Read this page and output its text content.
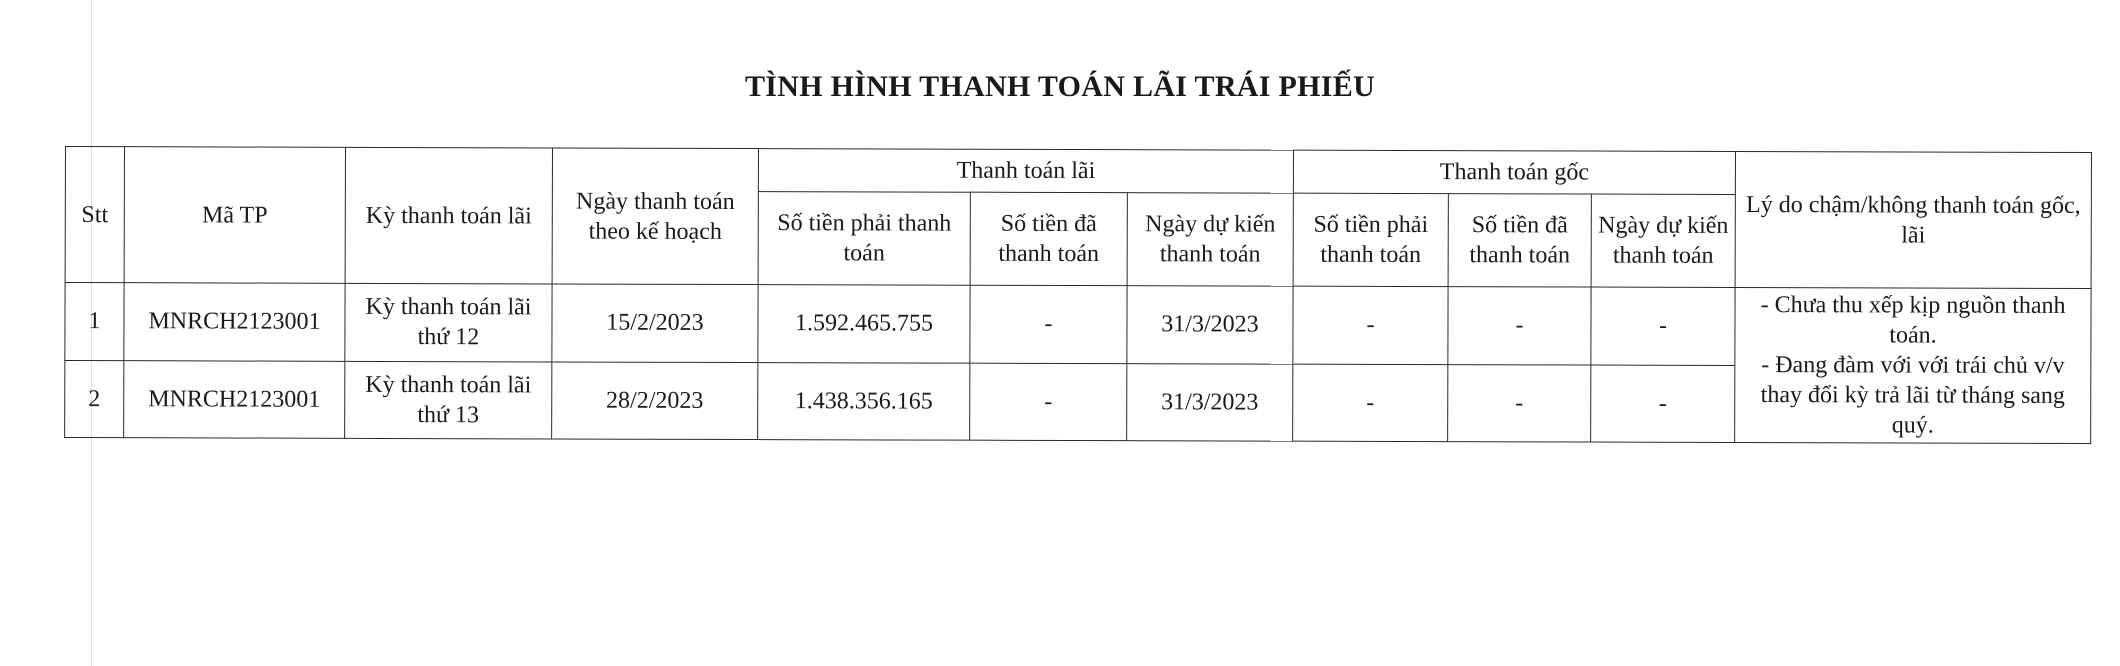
TÌNH HÌNH THANH TOÁN LÃI TRÁI PHIẾU
Stt	Mã TP	Kỳ thanh toán lãi	Ngày thanh toán theo kế hoạch	Thanh toán lãi			Thanh toán gốc			Lý do chậm/không thanh toán gốc, lãi
				Số tiền phải thanh toán	Số tiền đã thanh toán	Ngày dự kiến thanh toán	Số tiền phải thanh toán	Số tiền đã thanh toán	Ngày dự kiến thanh toán	
1	MNRCH2123001	Kỳ thanh toán lãi thứ 12	15/2/2023	1.592.465.755	-	31/3/2023	-	-	-	- Chưa thu xếp kịp nguồn thanh toán.
- Đang đàm với với trái chủ v/v thay đổi kỳ trả lãi từ tháng sang quý.

2	MNRCH2123001	Kỳ thanh toán lãi thứ 13	28/2/2023	1.438.356.165	-	31/3/2023	-	-	-	
